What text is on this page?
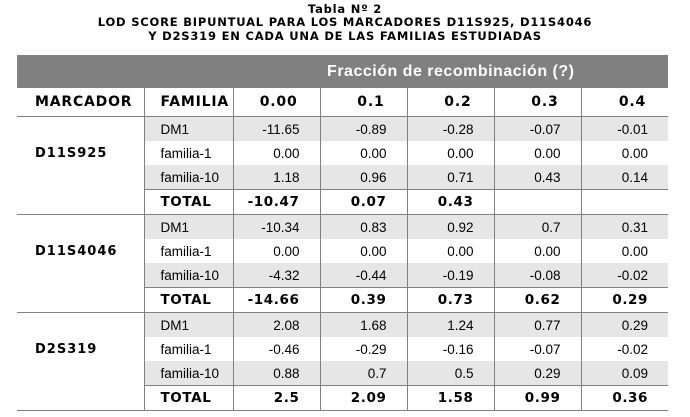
Tabla Nº 2
LOD SCORE BIPUNTUAL PARA LOS MARCADORES D11S925, D11S4046
Y D2S319 EN CADA UNA DE LAS FAMILIAS ESTUDIADAS
		Fracción de recombinación (?)				
MARCADOR	FAMILIA	0.00	0.1	0.2	0.3	0.4
	DM1	-11.65	-0.89	-0.28	-0.07	-0.01
D11S925	familia-1	0.00	0.00	0.00	0.00	0.00
	familia-10	1.18	0.96	0.71	0.43	0.14
	TOTAL	-10.47	0.07	0.43		
	DM1	-10.34	0.83	0.92	0.7	0.31
D11S4046	familia-1	0.00	0.00	0.00	0.00	0.00
	familia-10	-4.32	-0.44	-0.19	-0.08	-0.02
	TOTAL	-14.66	0.39	0.73	0.62	0.29
	DM1	2.08	1.68	1.24	0.77	0.29
D2S319	familia-1	-0.46	-0.29	-0.16	-0.07	-0.02
	familia-10	0.88	0.7	0.5	0.29	0.09
	TOTAL	2.5	2.09	1.58	0.99	0.36
